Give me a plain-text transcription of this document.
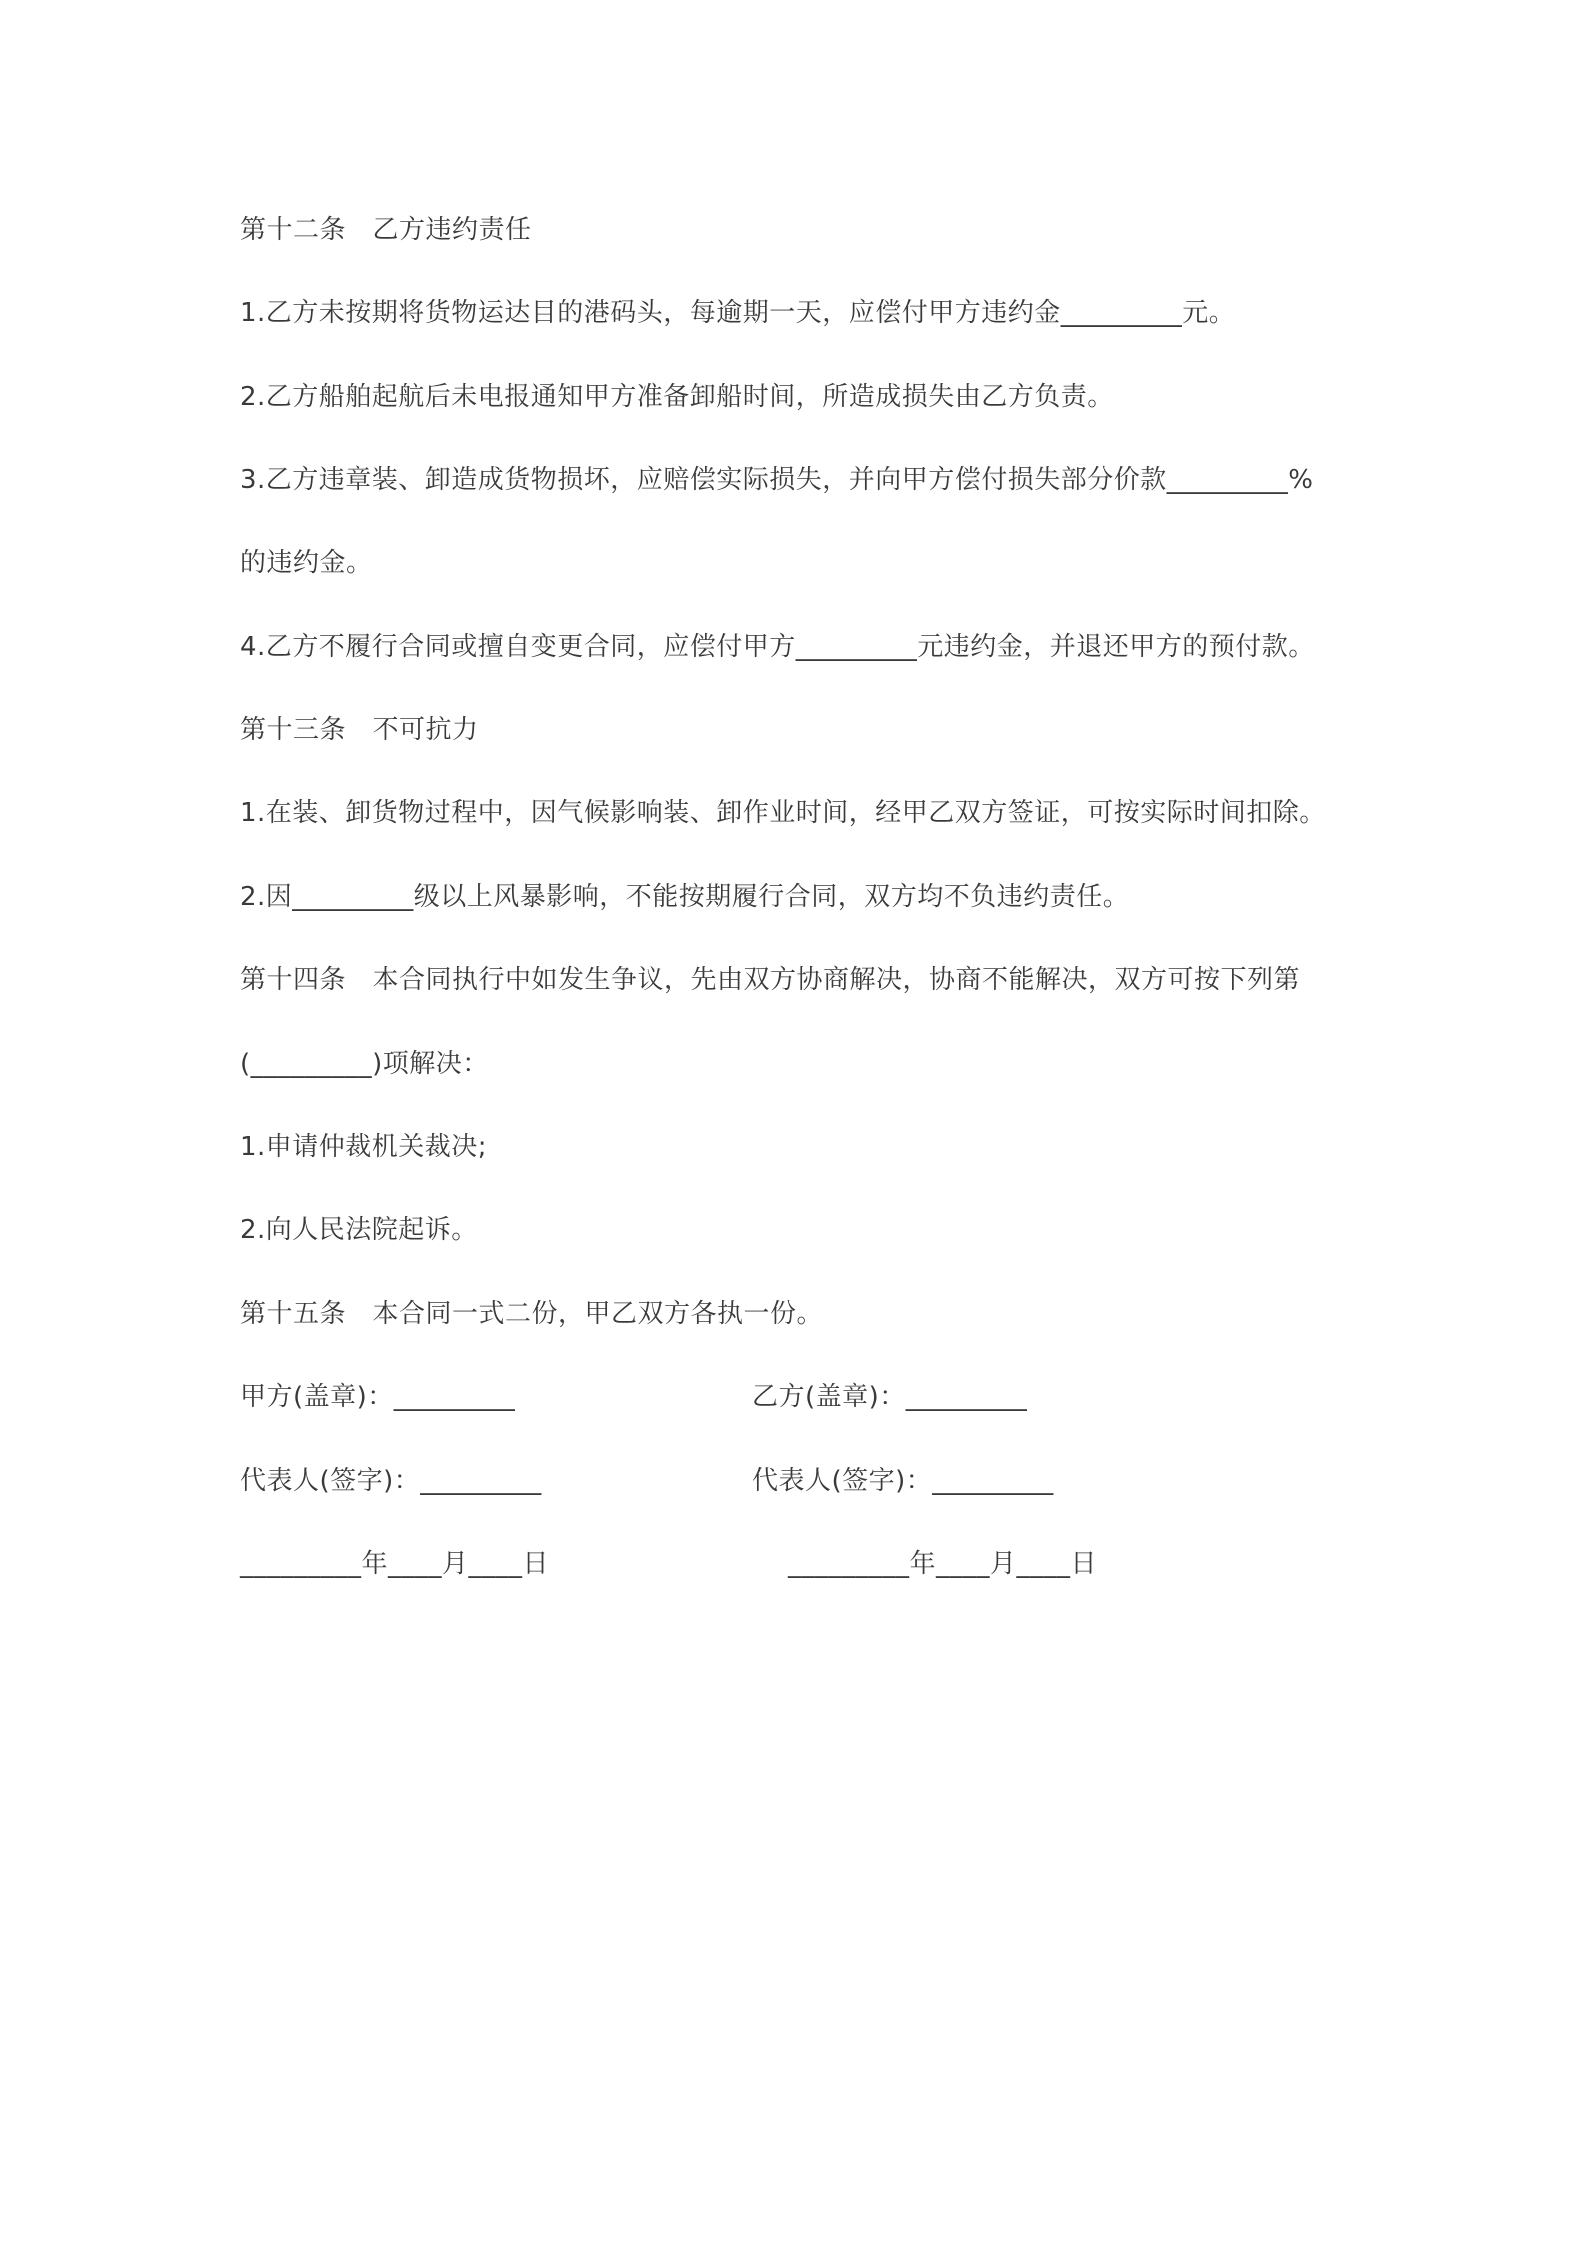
第十二条　乙方违约责任
1.乙方未按期将货物运达目的港码头，每逾期一天，应偿付甲方违约金_________元。
2.乙方船舶起航后未电报通知甲方准备卸船时间，所造成损失由乙方负责。
3.乙方违章装、卸造成货物损坏，应赔偿实际损失，并向甲方偿付损失部分价款_________%
的违约金。
4.乙方不履行合同或擅自变更合同，应偿付甲方_________元违约金，并退还甲方的预付款。
第十三条　不可抗力
1.在装、卸货物过程中，因气候影响装、卸作业时间，经甲乙双方签证，可按实际时间扣除。
2.因_________级以上风暴影响，不能按期履行合同，双方均不负违约责任。
第十四条　本合同执行中如发生争议，先由双方协商解决，协商不能解决，双方可按下列第
(_________)项解决：
1.申请仲裁机关裁决;
2.向人民法院起诉。
第十五条　本合同一式二份，甲乙双方各执一份。
甲方(盖章)：_________	乙方(盖章)：_________
代表人(签字)：_________	代表人(签字)：_________
_________年____月____日	_________年____月____日
